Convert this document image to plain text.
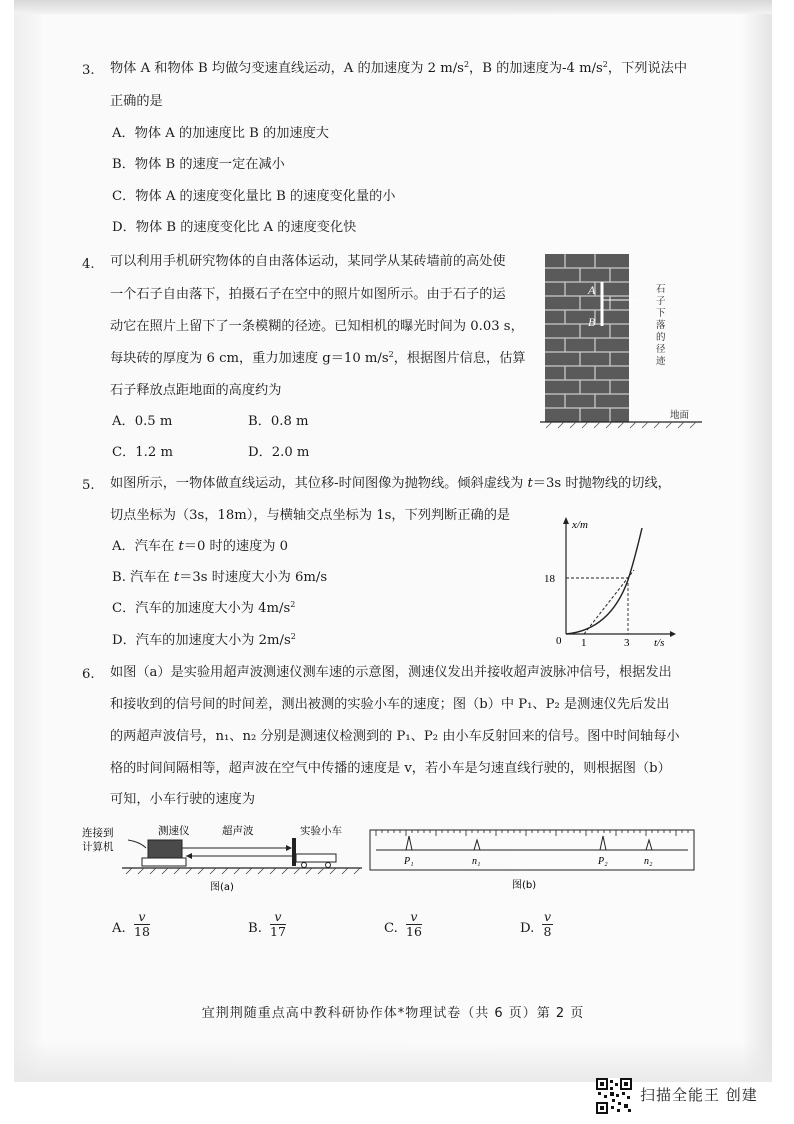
3. 物体 A 和物体 B 均做匀变速直线运动，A 的加速度为 2 $m/s^2$，B 的加速度为-4 $m/s^2$，下列说法中
正确的是
A．物体 A 的加速度比 B 的加速度大
B．物体 B 的速度一定在减小
C．物体 A 的速度变化量比 B 的速度变化量的小
D．物体 B 的速度变化比 A 的速度变化快
4. 可以利用手机研究物体的自由落体运动，某同学从某砖墙前的高处使
一个石子自由落下，拍摄石子在空中的照片如图所示。由于石子的运
动它在照片上留下了一条模糊的径迹。已知相机的曝光时间为 0.03 s，
每块砖的厚度为 6 cm，重力加速度 g＝10 $m/s^2$，根据图片信息，估算
石子释放点距地面的高度约为
A．0.5 m	B．0.8 m
C．1.2 m	D．2.0 m
A
B
石
子
下
落
的
径
迹
地面
5. 如图所示，一物体做直线运动，其位移-时间图像为抛物线。倾斜虚线为 t＝3s 时抛物线的切线，
切点坐标为（3s，18m），与横轴交点坐标为 1s，下列判断正确的是
A．汽车在 t＝0 时的速度为 0
B. 汽车在 t＝3s 时速度大小为 6m/s
C．汽车的加速度大小为 $4m/s^2$
D．汽车的加速度大小为 $2m/s^2$
x/m
t/s
0 1	3
18
6. 如图（a）是实验用超声波测速仪测车速的示意图，测速仪发出并接收超声波脉冲信号，根据发出
和接收到的信号间的时间差，测出被测的实验小车的速度；图（b）中 P₁、P₂ 是测速仪先后发出
的两超声波信号，n₁、n₂ 分别是测速仪检测到的 P₁、P₂ 由小车反射回来的信号。图中时间轴每小
格的时间间隔相等，超声波在空气中传播的速度是 v，若小车是匀速直线行驶的，则根据图（b）
可知，小车行驶的速度为
连接到
计算机
测速仪	超声波	实验小车
图(a)
P₁	n₁	P₂	n₂
图(b)
A. $\frac{v}{18}$	B. $\frac{v}{17}$	C. $\frac{v}{16}$	D. $\frac{v}{8}$
宜荆荆随重点高中教科研协作体*物理试卷（共 6 页）第 2 页
扫描全能王 创建
